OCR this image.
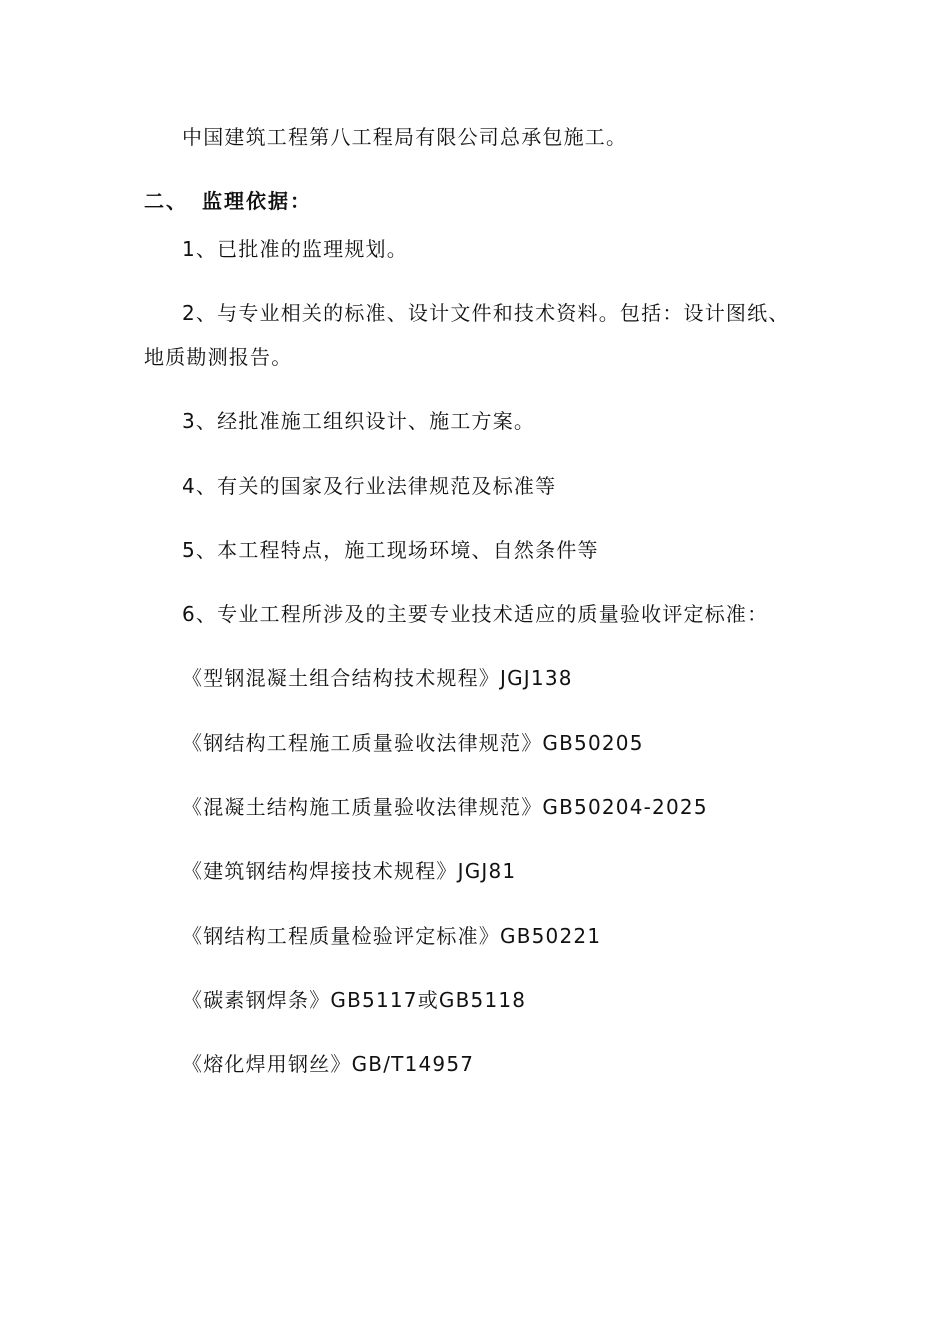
中国建筑工程第八工程局有限公司总承包施工。
二、 监理依据：
1、已批准的监理规划。
2、与专业相关的标准、设计文件和技术资料。包括：设计图纸、
地质勘测报告。
3、经批准施工组织设计、施工方案。
4、有关的国家及行业法律规范及标准等
5、本工程特点，施工现场环境、自然条件等
6、专业工程所涉及的主要专业技术适应的质量验收评定标准：
《型钢混凝土组合结构技术规程》JGJ138
《钢结构工程施工质量验收法律规范》GB50205
《混凝土结构施工质量验收法律规范》GB50204-2025
《建筑钢结构焊接技术规程》JGJ81
《钢结构工程质量检验评定标准》GB50221
《碳素钢焊条》GB5117或GB5118
《熔化焊用钢丝》GB/T14957
